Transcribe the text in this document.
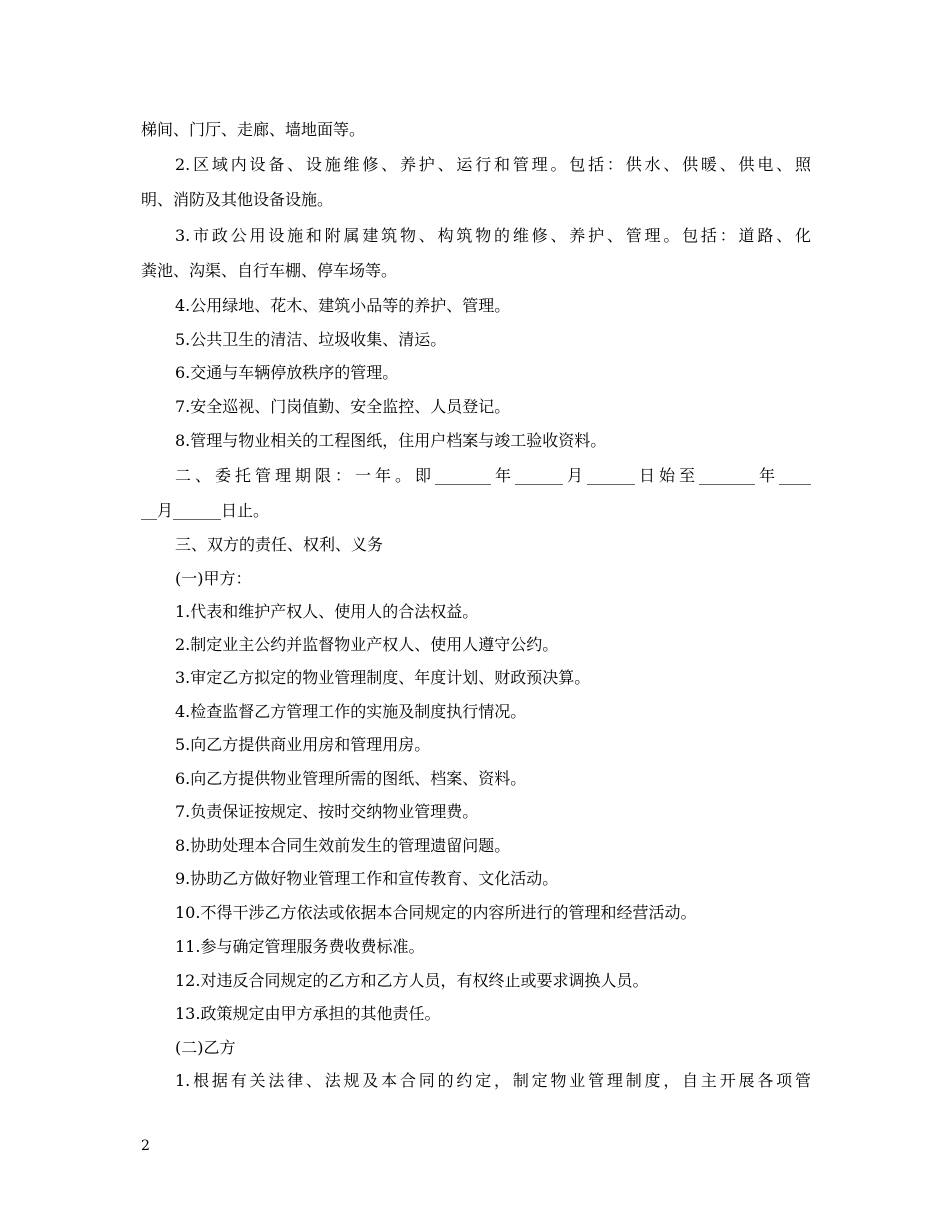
梯间、门厅、走廊、墙地面等。
2.区域内设备、设施维修、养护、运行和管理。包括：供水、供暖、供电、照
明、消防及其他设备设施。
3.市政公用设施和附属建筑物、构筑物的维修、养护、管理。包括：道路、化
粪池、沟渠、自行车棚、停车场等。
4.公用绿地、花木、建筑小品等的养护、管理。
5.公共卫生的清洁、垃圾收集、清运。
6.交通与车辆停放秩序的管理。
7.安全巡视、门岗值勤、安全监控、人员登记。
8.管理与物业相关的工程图纸，住用户档案与竣工验收资料。
二、委托管理期限：一年。即_______年______月______日始至_______年____
__月______日止。
三、双方的责任、权利、义务
(一)甲方：
1.代表和维护产权人、使用人的合法权益。
2.制定业主公约并监督物业产权人、使用人遵守公约。
3.审定乙方拟定的物业管理制度、年度计划、财政预决算。
4.检查监督乙方管理工作的实施及制度执行情况。
5.向乙方提供商业用房和管理用房。
6.向乙方提供物业管理所需的图纸、档案、资料。
7.负责保证按规定、按时交纳物业管理费。
8.协助处理本合同生效前发生的管理遗留问题。
9.协助乙方做好物业管理工作和宣传教育、文化活动。
10.不得干涉乙方依法或依据本合同规定的内容所进行的管理和经营活动。
11.参与确定管理服务费收费标准。
12.对违反合同规定的乙方和乙方人员，有权终止或要求调换人员。
13.政策规定由甲方承担的其他责任。
(二)乙方
1.根据有关法律、法规及本合同的约定，制定物业管理制度，自主开展各项管
2
